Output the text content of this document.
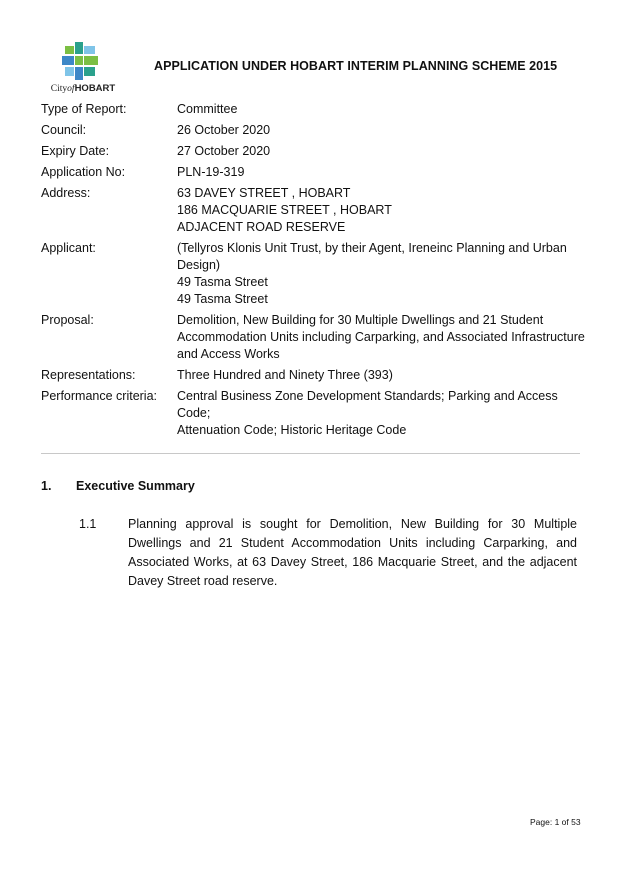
CityofHOBART
APPLICATION UNDER HOBART INTERIM PLANNING SCHEME 2015
Type of Report:	Committee
Council:	26 October 2020
Expiry Date:	27 October 2020
Application No:	PLN-19-319
Address:	63 DAVEY STREET , HOBART
186 MACQUARIE STREET , HOBART
ADJACENT ROAD RESERVE
Applicant:	(Tellyros Klonis Unit Trust, by their Agent, Ireneinc Planning and Urban Design)
49 Tasma Street
49 Tasma Street
Proposal:	Demolition, New Building for 30 Multiple Dwellings and 21 Student Accommodation Units including Carparking, and Associated Infrastructure and Access Works
Representations:	Three Hundred and Ninety Three (393)
Performance criteria:	Central Business Zone Development Standards; Parking and Access Code;
Attenuation Code; Historic Heritage Code
1. Executive Summary
1.1	Planning approval is sought for Demolition, New Building for 30 Multiple Dwellings and 21 Student Accommodation Units including Carparking, and Associated Works, at 63 Davey Street, 186 Macquarie Street, and the adjacent Davey Street road reserve.
Page: 1 of 53
